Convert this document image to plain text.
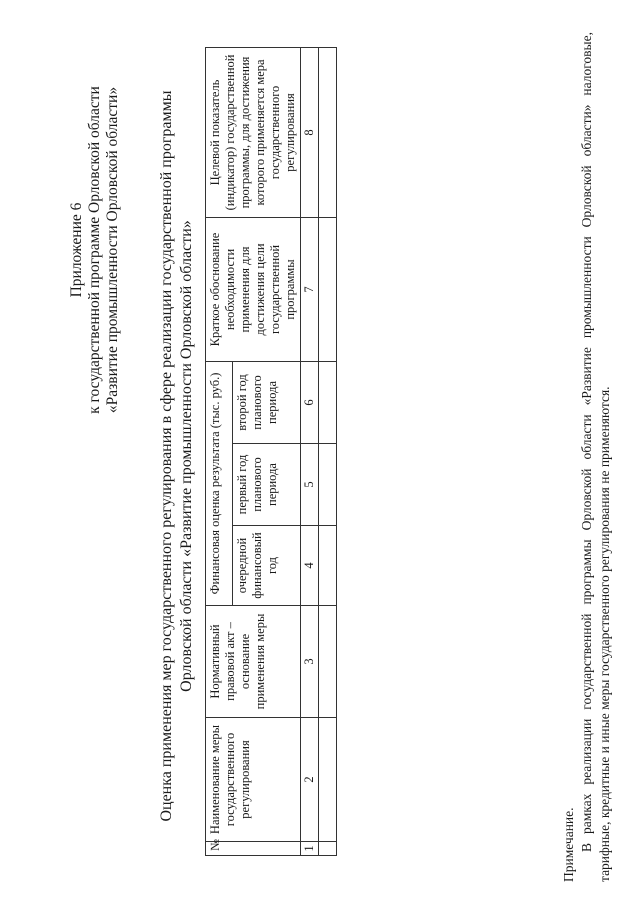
Приложение 6 к государственной программе Орловской области «Развитие промышленности Орловской области» Оценка применения мер государственного регулирования в сфере реализации государственной программы Орловской области «Развитие промышленности Орловской области»
№	Наименование меры государственного регулирования	Нормативный правовой акт – основание применения меры	Финансовая оценка результата (тыс. руб.)			Краткое обоснование необходимости применения для достижения цели государственной программы	Целевой показатель (индикатор) государственной программы, для достижения которого применяется мера государственного регулирования
			очередной финансовый год	первый год планового периода	второй год планового периода		
1	2	3	4	5	6	7	8

Примечание. В рамках реализации государственной программы Орловской области «Развитие промышленности Орловской области» налоговые, тарифные, кредитные и иные меры государственного регулирования не применяются.
